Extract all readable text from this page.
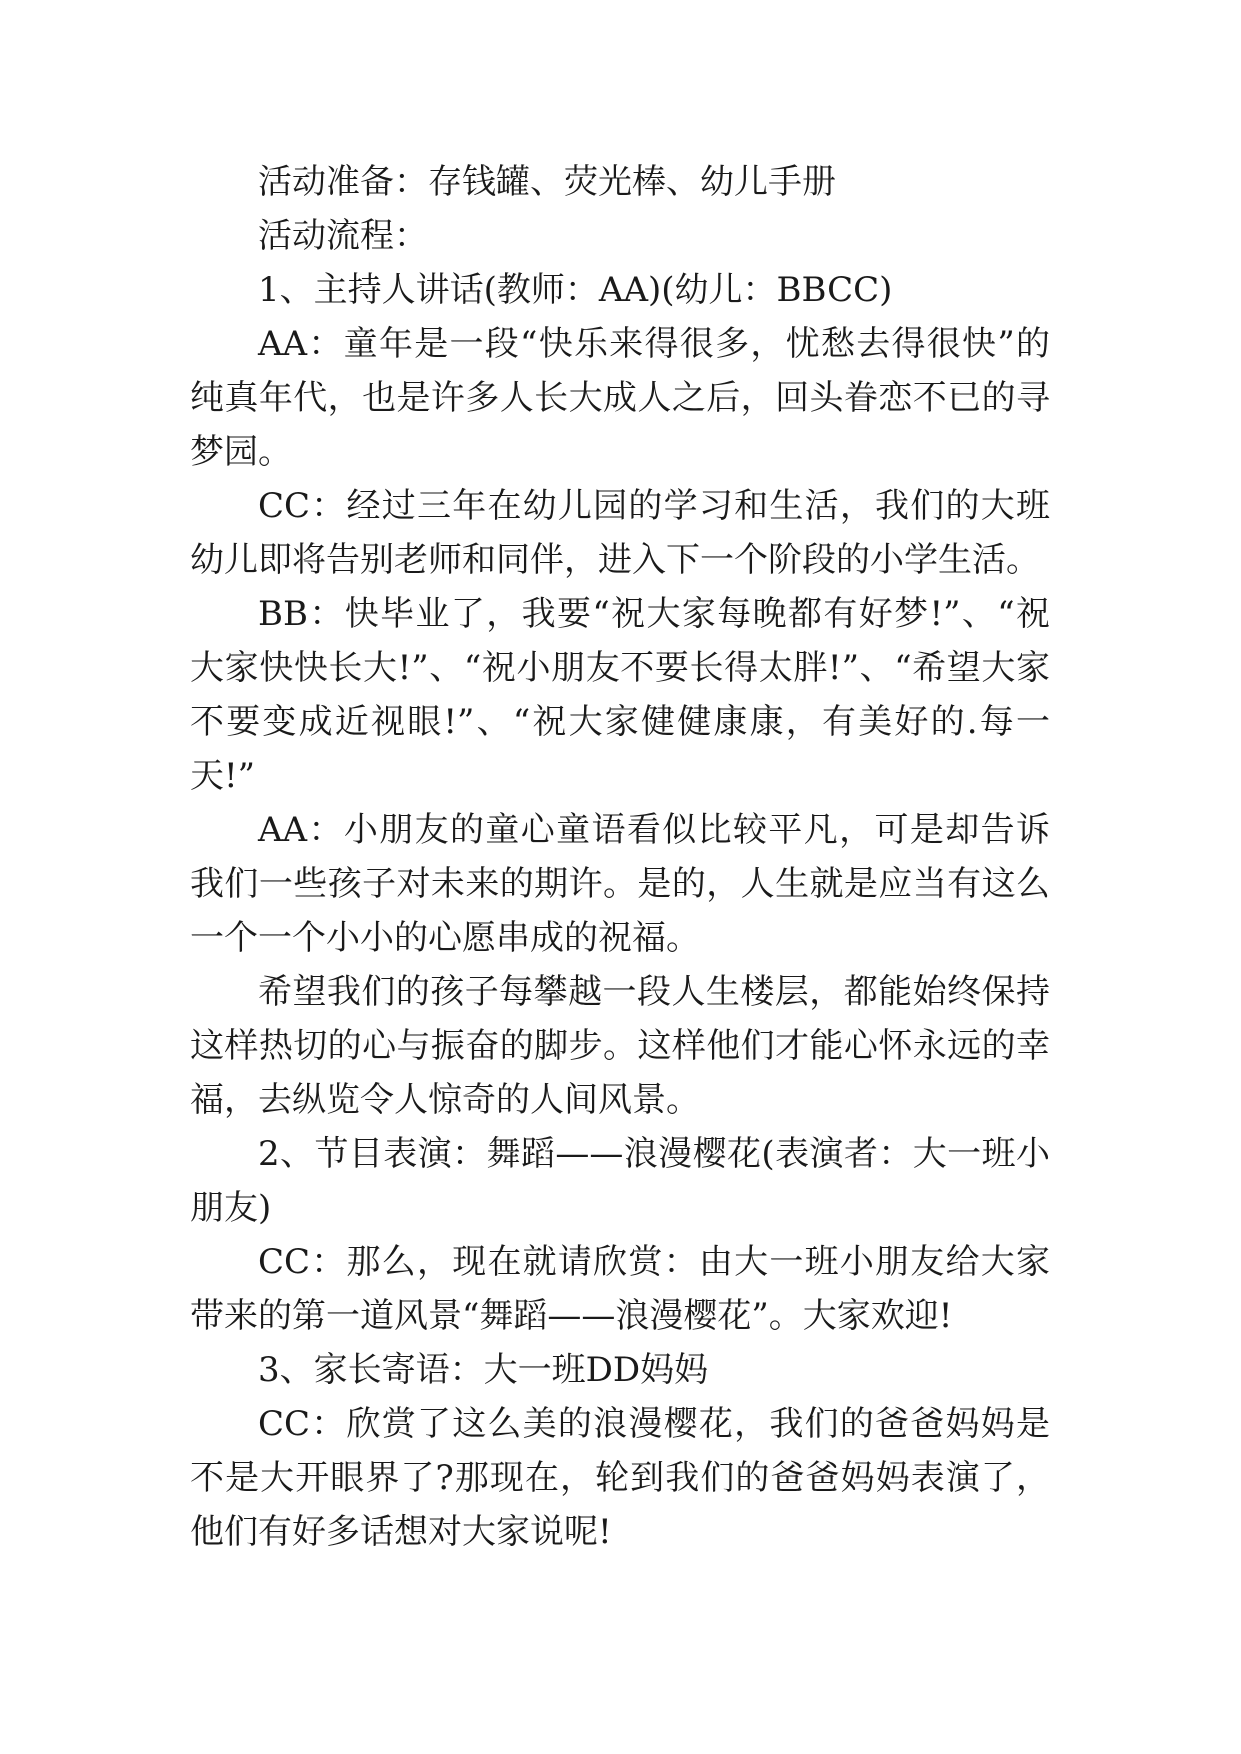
活动准备：存钱罐、荧光棒、幼儿手册

活动流程：

1、主持人讲话(教师：AA)(幼儿：BBCC)

AA：童年是一段“快乐来得很多，忧愁去得很快”的纯真年代，也是许多人长大成人之后，回头眷恋不已的寻梦园。

CC：经过三年在幼儿园的学习和生活，我们的大班幼儿即将告别老师和同伴，进入下一个阶段的小学生活。

BB：快毕业了，我要“祝大家每晚都有好梦!”、“祝大家快快长大!”、“祝小朋友不要长得太胖!”、“希望大家不要变成近视眼!”、“祝大家健健康康，有美好的.每一天!”

AA：小朋友的童心童语看似比较平凡，可是却告诉我们一些孩子对未来的期许。是的，人生就是应当有这么一个一个小小的心愿串成的祝福。

希望我们的孩子每攀越一段人生楼层，都能始终保持这样热切的心与振奋的脚步。这样他们才能心怀永远的幸福，去纵览令人惊奇的人间风景。

2、节目表演：舞蹈——浪漫樱花(表演者：大一班小朋友)

CC：那么，现在就请欣赏：由大一班小朋友给大家带来的第一道风景“舞蹈——浪漫樱花”。大家欢迎!

3、家长寄语：大一班DD妈妈

CC：欣赏了这么美的浪漫樱花，我们的爸爸妈妈是不是大开眼界了?那现在，轮到我们的爸爸妈妈表演了，他们有好多话想对大家说呢!
